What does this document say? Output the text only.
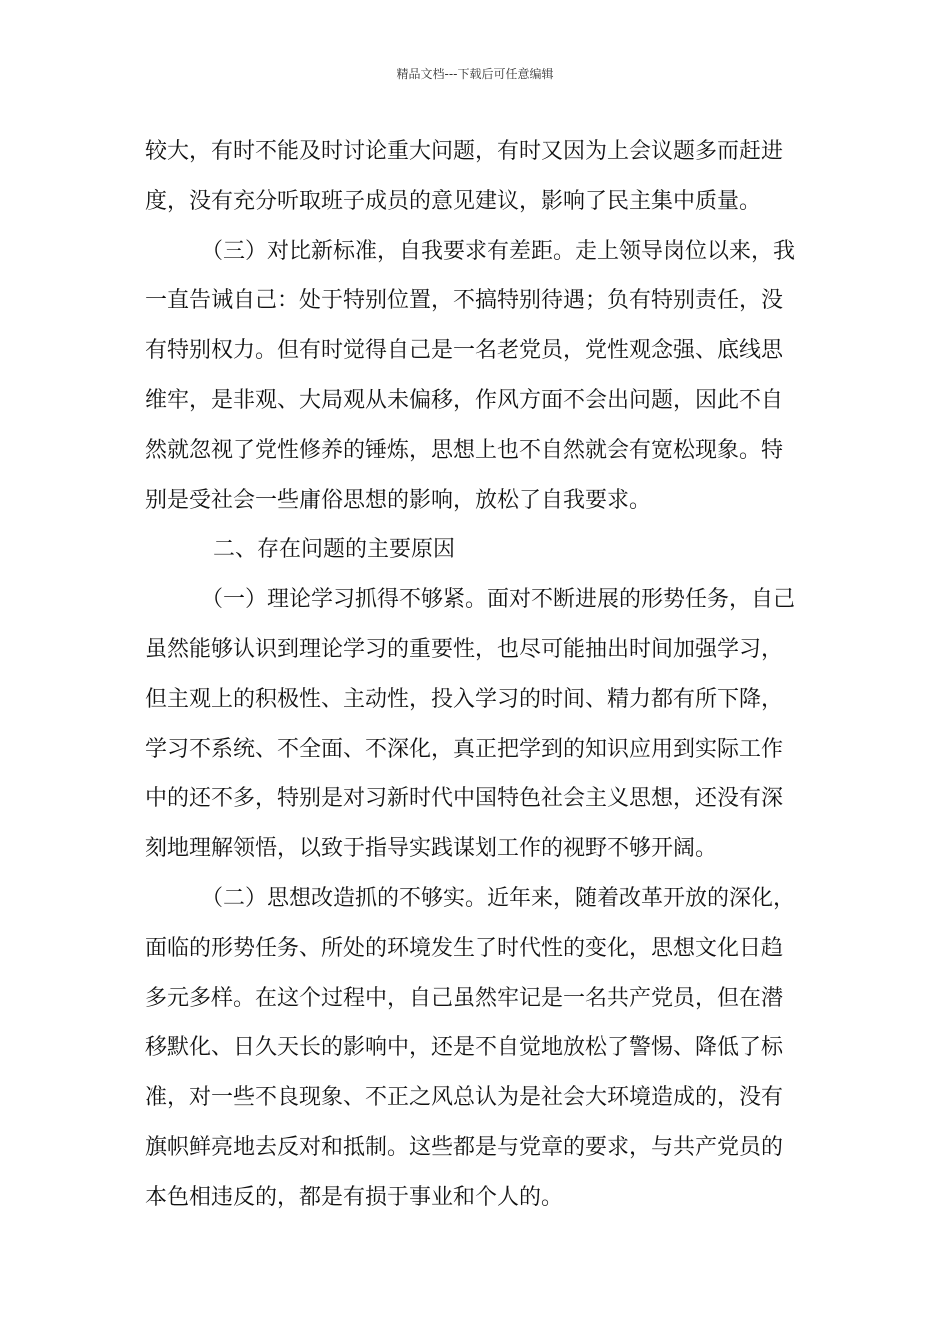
精品文档---下载后可任意编辑
较大，有时不能及时讨论重大问题，有时又因为上会议题多而赶进
度，没有充分听取班子成员的意见建议，影响了民主集中质量。
（三）对比新标准，自我要求有差距。走上领导岗位以来，我
一直告诫自己：处于特别位置，不搞特别待遇；负有特别责任，没
有特别权力。但有时觉得自己是一名老党员，党性观念强、底线思
维牢，是非观、大局观从未偏移，作风方面不会出问题，因此不自
然就忽视了党性修养的锤炼，思想上也不自然就会有宽松现象。特
别是受社会一些庸俗思想的影响，放松了自我要求。
二、存在问题的主要原因
（一）理论学习抓得不够紧。面对不断进展的形势任务，自己
虽然能够认识到理论学习的重要性，也尽可能抽出时间加强学习，
但主观上的积极性、主动性，投入学习的时间、精力都有所下降，
学习不系统、不全面、不深化，真正把学到的知识应用到实际工作
中的还不多，特别是对习新时代中国特色社会主义思想，还没有深
刻地理解领悟，以致于指导实践谋划工作的视野不够开阔。
（二）思想改造抓的不够实。近年来，随着改革开放的深化，
面临的形势任务、所处的环境发生了时代性的变化，思想文化日趋
多元多样。在这个过程中，自己虽然牢记是一名共产党员，但在潜
移默化、日久天长的影响中，还是不自觉地放松了警惕、降低了标
准，对一些不良现象、不正之风总认为是社会大环境造成的，没有
旗帜鲜亮地去反对和抵制。这些都是与党章的要求，与共产党员的
本色相违反的，都是有损于事业和个人的。
